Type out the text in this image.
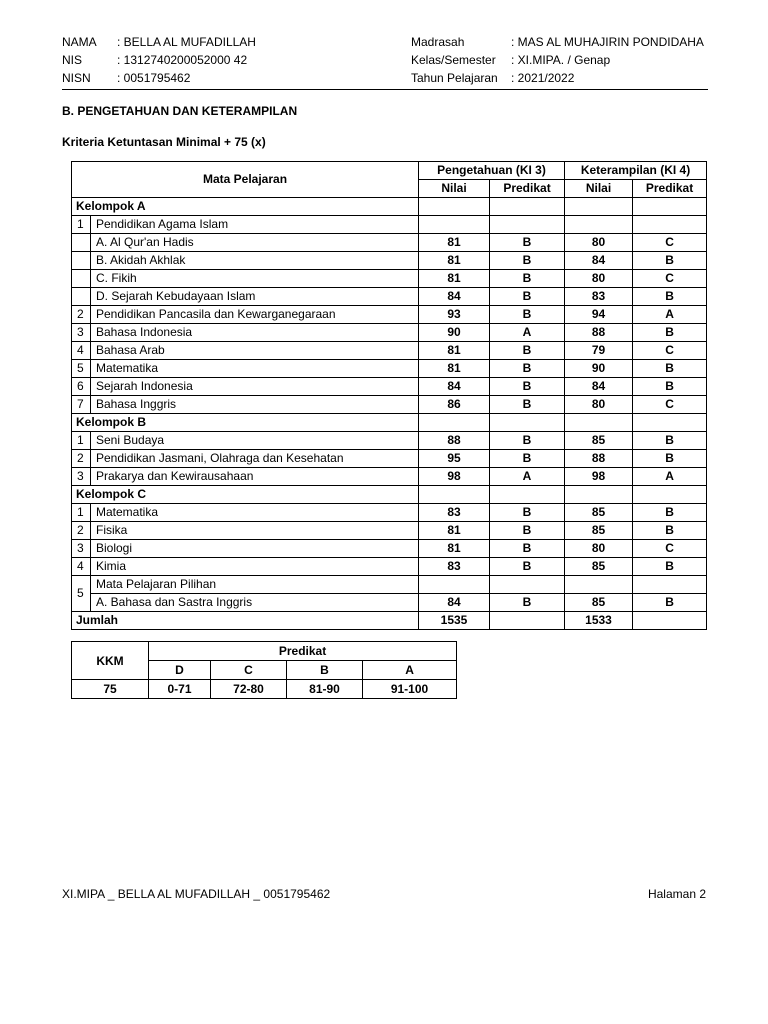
NAMA : BELLA AL MUFADILLAH
NIS	: 1312740200052000 42
NISN : 0051795462
Madrasah	: MAS AL MUHAJIRIN PONDIDAHA
Kelas/Semester : XI.MIPA. / Genap
Tahun Pelajaran : 2021/2022
B. PENGETAHUAN DAN KETERAMPILAN
Kriteria Ketuntasan Minimal + 75 (x)
Mata Pelajaran		Pengetahuan (KI 3)		Keterampilan (KI 4)	
		Nilai	Predikat	Nilai	Predikat
Kelompok A					
1	Pendidikan Agama Islam				
	A. Al Qur'an Hadis	81	B	80	C
	B. Akidah Akhlak	81	B	84	B
	C. Fikih	81	B	80	C
	D. Sejarah Kebudayaan Islam	84	B	83	B
2	Pendidikan Pancasila dan Kewarganegaraan	93	B	94	A
3	Bahasa Indonesia	90	A	88	B
4	Bahasa Arab	81	B	79	C
5	Matematika	81	B	90	B
6	Sejarah Indonesia	84	B	84	B
7	Bahasa Inggris	86	B	80	C
Kelompok B					
1	Seni Budaya	88	B	85	B
2	Pendidikan Jasmani, Olahraga dan Kesehatan	95	B	88	B
3	Prakarya dan Kewirausahaan	98	A	98	A
Kelompok C					
1	Matematika	83	B	85	B
2	Fisika	81	B	85	B
3	Biologi	81	B	80	C
4	Kimia	83	B	85	B
5	Mata Pelajaran Pilihan				
	A. Bahasa dan Sastra Inggris	84	B	85	B
Jumlah		1535		1533	
KKM	Predikat			
	D	C	B	A
75	0-71	72-80	81-90	91-100
XI.MIPA _ BELLA AL MUFADILLAH _ 0051795462	Halaman 2
